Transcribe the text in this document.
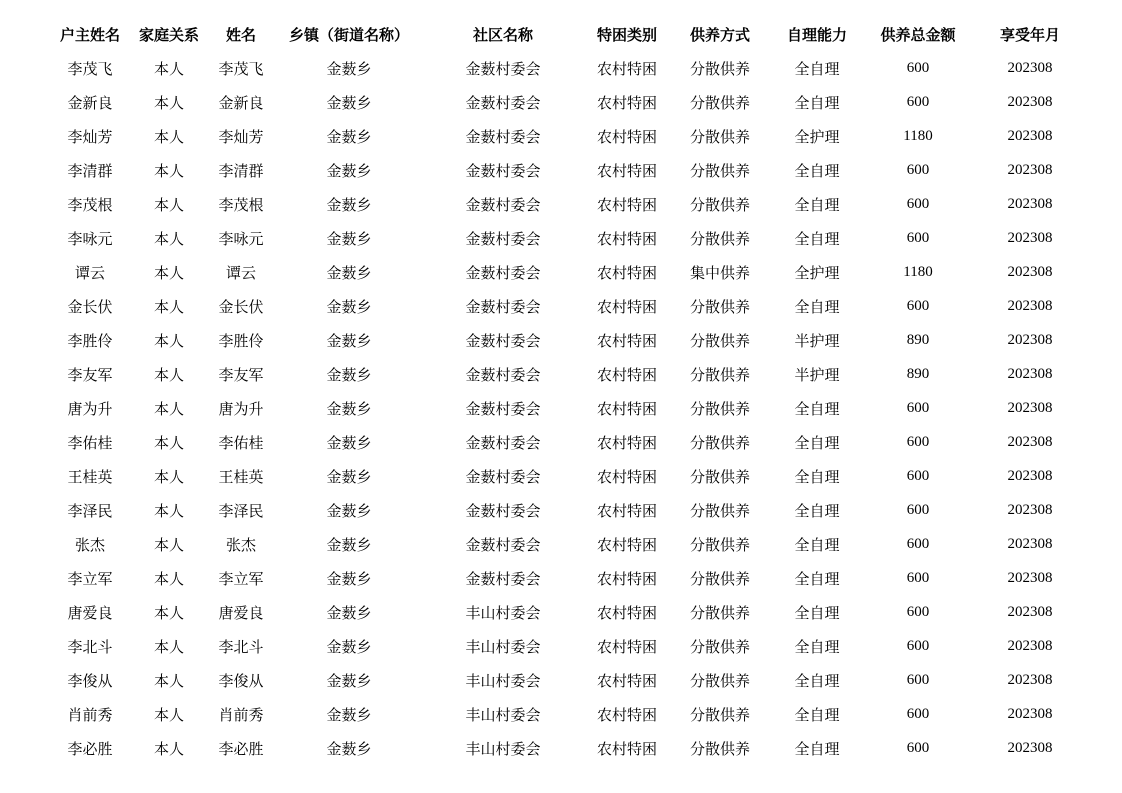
户主姓名	家庭关系	姓名	乡镇（街道名称）	社区名称	特困类别	供养方式	自理能力	供养总金额	享受年月
李茂飞	本人	李茂飞	金薮乡	金薮村委会	农村特困	分散供养	全自理	600	202308
金新良	本人	金新良	金薮乡	金薮村委会	农村特困	分散供养	全自理	600	202308
李灿芳	本人	李灿芳	金薮乡	金薮村委会	农村特困	分散供养	全护理	1180	202308
李清群	本人	李清群	金薮乡	金薮村委会	农村特困	分散供养	全自理	600	202308
李茂根	本人	李茂根	金薮乡	金薮村委会	农村特困	分散供养	全自理	600	202308
李咏元	本人	李咏元	金薮乡	金薮村委会	农村特困	分散供养	全自理	600	202308
谭云	本人	谭云	金薮乡	金薮村委会	农村特困	集中供养	全护理	1180	202308
金长伏	本人	金长伏	金薮乡	金薮村委会	农村特困	分散供养	全自理	600	202308
李胜伶	本人	李胜伶	金薮乡	金薮村委会	农村特困	分散供养	半护理	890	202308
李友军	本人	李友军	金薮乡	金薮村委会	农村特困	分散供养	半护理	890	202308
唐为升	本人	唐为升	金薮乡	金薮村委会	农村特困	分散供养	全自理	600	202308
李佑桂	本人	李佑桂	金薮乡	金薮村委会	农村特困	分散供养	全自理	600	202308
王桂英	本人	王桂英	金薮乡	金薮村委会	农村特困	分散供养	全自理	600	202308
李泽民	本人	李泽民	金薮乡	金薮村委会	农村特困	分散供养	全自理	600	202308
张杰	本人	张杰	金薮乡	金薮村委会	农村特困	分散供养	全自理	600	202308
李立军	本人	李立军	金薮乡	金薮村委会	农村特困	分散供养	全自理	600	202308
唐爱良	本人	唐爱良	金薮乡	丰山村委会	农村特困	分散供养	全自理	600	202308
李北斗	本人	李北斗	金薮乡	丰山村委会	农村特困	分散供养	全自理	600	202308
李俊从	本人	李俊从	金薮乡	丰山村委会	农村特困	分散供养	全自理	600	202308
肖前秀	本人	肖前秀	金薮乡	丰山村委会	农村特困	分散供养	全自理	600	202308
李必胜	本人	李必胜	金薮乡	丰山村委会	农村特困	分散供养	全自理	600	202308
